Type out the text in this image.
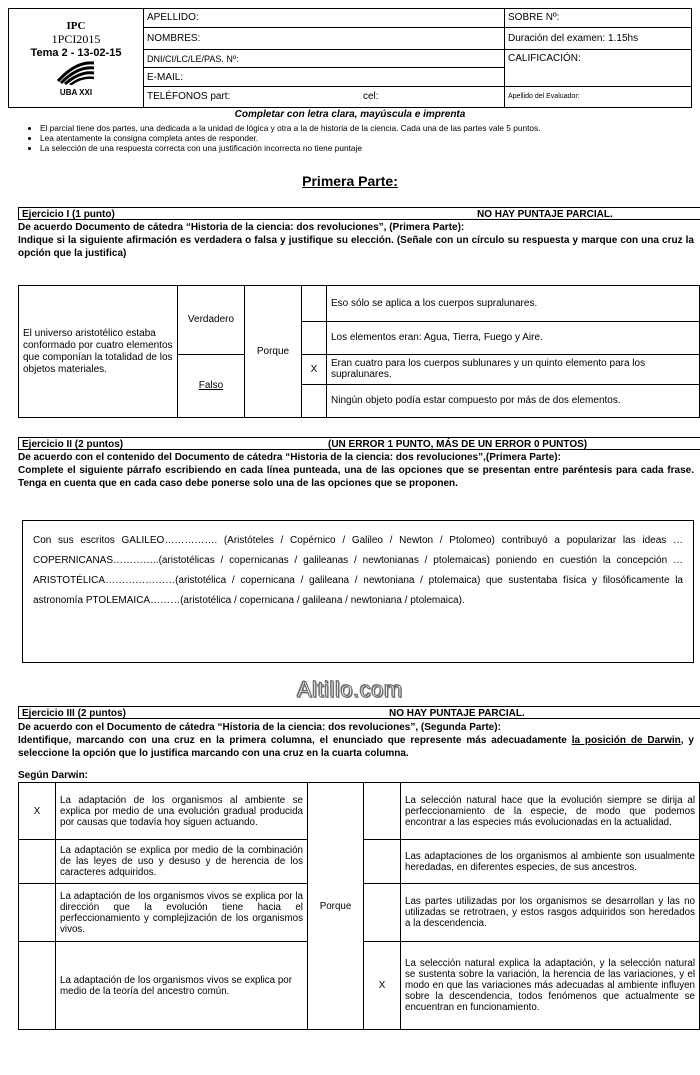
IPC
1PCI2015
Tema 2 - 13-02-15
UBA XXI	APELLIDO:		SOBRE Nº:
	NOMBRES:		Duración del examen: 1.15hs
	DNI/CI/LC/LE/PAS. Nº:		CALIFICACIÓN:
	E-MAIL:		
	TELÉFONOS part:	cel:	Apellido del Evaluador:
Completar con letra clara, mayúscula e imprenta
• El parcial tiene dos partes, una dedicada a la unidad de lógica y otra a la de historia de la ciencia. Cada una de las partes vale 5 puntos.
• Lea atentamente la consigna completa antes de responder.
• La selección de una respuesta correcta con una justificación incorrecta no tiene puntaje
Primera Parte:
Ejercicio I (1 punto)	NO HAY PUNTAJE PARCIAL.
De acuerdo Documento de cátedra “Historia de la ciencia: dos revoluciones”, (Primera Parte):
Indique si la siguiente afirmación es verdadera o falsa y justifique su elección. (Señale con un círculo su respuesta y marque con una cruz la opción que la justifica)
El universo aristotélico estaba conformado por cuatro elementos que componían la totalidad de los objetos materiales.	Verdadero	Porque		Eso sólo se aplica a los cuerpos supralunares.
				Los elementos eran: Agua, Tierra, Fuego y Aire.
	Falso		X	Eran cuatro para los cuerpos sublunares y un quinto elemento para los supralunares.
				Ningún objeto podía estar compuesto por más de dos elementos.
Ejercicio II (2 puntos)	(UN ERROR 1 PUNTO, MÁS DE UN ERROR 0 PUNTOS)
De acuerdo con el contenido del Documento de cátedra “Historia de la ciencia: dos revoluciones”,(Primera Parte):
Complete el siguiente párrafo escribiendo en cada línea punteada, una de las opciones que se presentan entre paréntesis para cada frase. Tenga en cuenta que en cada caso debe ponerse solo una de las opciones que se proponen.
Con sus escritos GALILEO……………. (Aristóteles / Copérnico / Galileo / Newton / Ptolomeo) contribuyó a popularizar las ideas …COPERNICANAS…………..(aristotélicas / copernicanas / galileanas / newtonianas / ptolemaicas) poniendo en cuestión la concepción …ARISTOTÉLICA…………………(aristotélica / copernicana / galileana / newtoniana / ptolemaica) que sustentaba física y filosóficamente la astronomía PTOLEMAICA………(aristotélica / copernicana / galileana / newtoniana / ptolemaica).
Altillo.com
Ejercicio III (2 puntos)	NO HAY PUNTAJE PARCIAL.
De acuerdo con el Documento de cátedra “Historia de la ciencia: dos revoluciones”, (Segunda Parte):
Identifique, marcando con una cruz en la primera columna, el enunciado que represente más adecuadamente la posición de Darwin, y seleccione la opción que lo justifica marcando con una cruz en la cuarta columna.
Según Darwin:
X	La adaptación de los organismos al ambiente se explica por medio de una evolución gradual producida por causas que todavía hoy siguen actuando.	Porque		La selección natural hace que la evolución siempre se dirija al perfeccionamiento de la especie, de modo que podemos encontrar a las especies más evolucionadas en la actualidad.
	La adaptación se explica por medio de la combinación de las leyes de uso y desuso y de herencia de los caracteres adquiridos.			Las adaptaciones de los organismos al ambiente son usualmente heredadas, en diferentes especies, de sus ancestros.
	La adaptación de los organismos vivos se explica por la dirección que la evolución tiene hacia el perfeccionamiento y complejización de los organismos vivos.			Las partes utilizadas por los organismos se desarrollan y las no utilizadas se retrotraen, y estos rasgos adquiridos son heredados a la descendencia.
	La adaptación de los organismos vivos se explica por medio de la teoría del ancestro común.		X	La selección natural explica la adaptación, y la selección natural se sustenta sobre la variación, la herencia de las variaciones, y el modo en que las variaciones más adecuadas al ambiente influyen sobre la descendencia, todos fenómenos que actualmente se encuentran en funcionamiento.
